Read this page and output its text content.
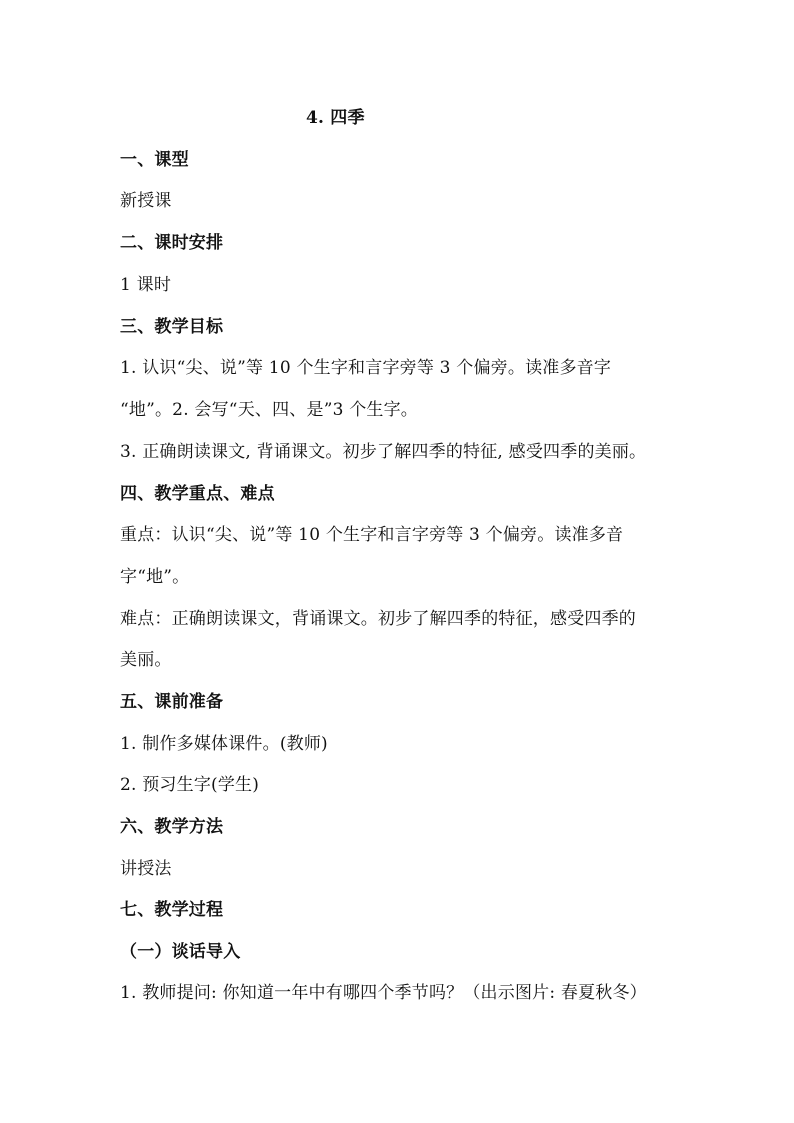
4. 四季
一、课型
新授课
二、课时安排
1 课时
三、教学目标
1. 认识“尖、说”等 10 个生字和言字旁等 3 个偏旁。读准多音字
“地”。2. 会写“天、四、是”3 个生字。
3. 正确朗读课文, 背诵课文。初步了解四季的特征, 感受四季的美丽。
四、教学重点、难点
重点：认识“尖、说”等 10 个生字和言字旁等 3 个偏旁。读准多音
字“地”。
难点：正确朗读课文，背诵课文。初步了解四季的特征，感受四季的
美丽。
五、课前准备
1. 制作多媒体课件。(教师)
2. 预习生字(学生)
六、教学方法
讲授法
七、教学过程
（一）谈话导入
1. 教师提问: 你知道一年中有哪四个季节吗？（出示图片: 春夏秋冬）
